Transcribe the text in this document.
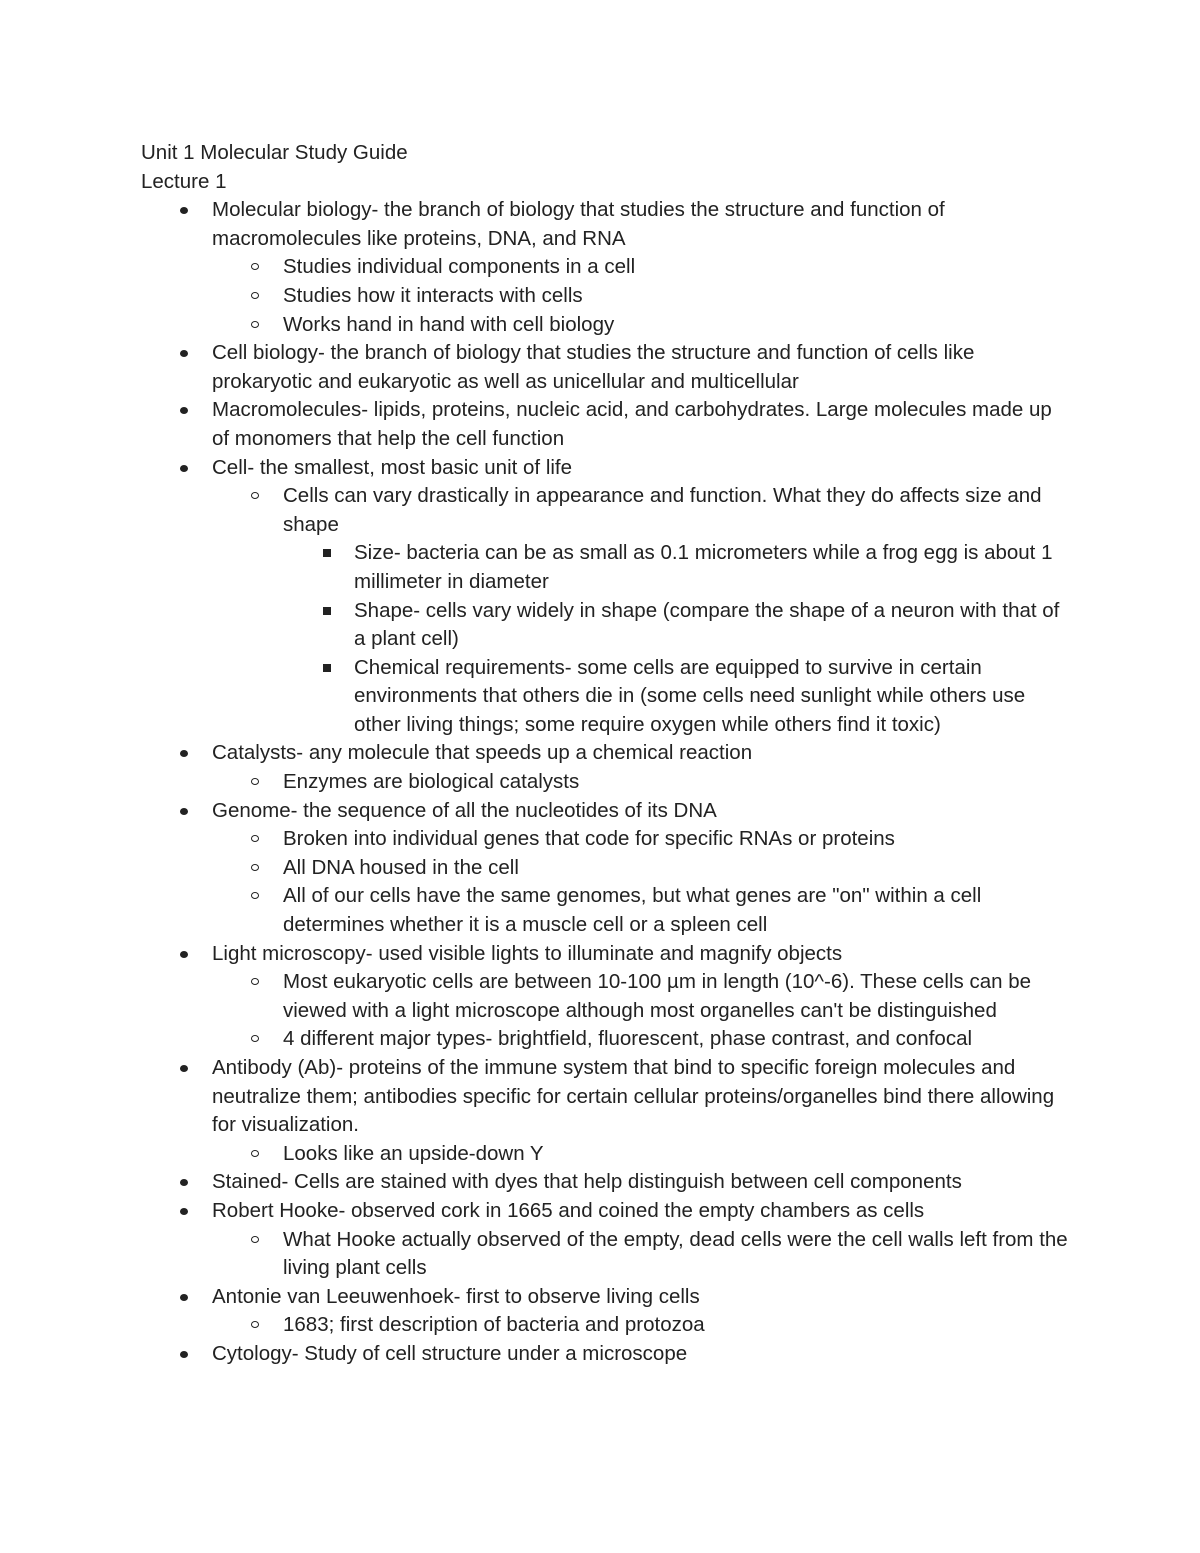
Unit 1 Molecular Study Guide

Lecture 1

Molecular biology- the branch of biology that studies the structure and function of macromolecules like proteins, DNA, and RNA
Studies individual components in a cell
Studies how it interacts with cells
Works hand in hand with cell biology
Cell biology- the branch of biology that studies the structure and function of cells like prokaryotic and eukaryotic as well as unicellular and multicellular
Macromolecules- lipids, proteins, nucleic acid, and carbohydrates. Large molecules made up of monomers that help the cell function
Cell- the smallest, most basic unit of life
Cells can vary drastically in appearance and function. What they do affects size and shape
Size- bacteria can be as small as 0.1 micrometers while a frog egg is about 1 millimeter in diameter
Shape- cells vary widely in shape (compare the shape of a neuron with that of a plant cell)
Chemical requirements- some cells are equipped to survive in certain environments that others die in (some cells need sunlight while others use other living things; some require oxygen while others find it toxic)
Catalysts- any molecule that speeds up a chemical reaction
Enzymes are biological catalysts
Genome- the sequence of all the nucleotides of its DNA
Broken into individual genes that code for specific RNAs or proteins
All DNA housed in the cell
All of our cells have the same genomes, but what genes are "on" within a cell determines whether it is a muscle cell or a spleen cell
Light microscopy- used visible lights to illuminate and magnify objects
Most eukaryotic cells are between 10-100 µm in length (10^-6). These cells can be viewed with a light microscope although most organelles can't be distinguished
4 different major types- brightfield, fluorescent, phase contrast, and confocal
Antibody (Ab)- proteins of the immune system that bind to specific foreign molecules and neutralize them; antibodies specific for certain cellular proteins/organelles bind there allowing for visualization.
Looks like an upside-down Y
Stained- Cells are stained with dyes that help distinguish between cell components
Robert Hooke- observed cork in 1665 and coined the empty chambers as cells
What Hooke actually observed of the empty, dead cells were the cell walls left from the living plant cells
Antonie van Leeuwenhoek- first to observe living cells
1683; first description of bacteria and protozoa
Cytology- Study of cell structure under a microscope
